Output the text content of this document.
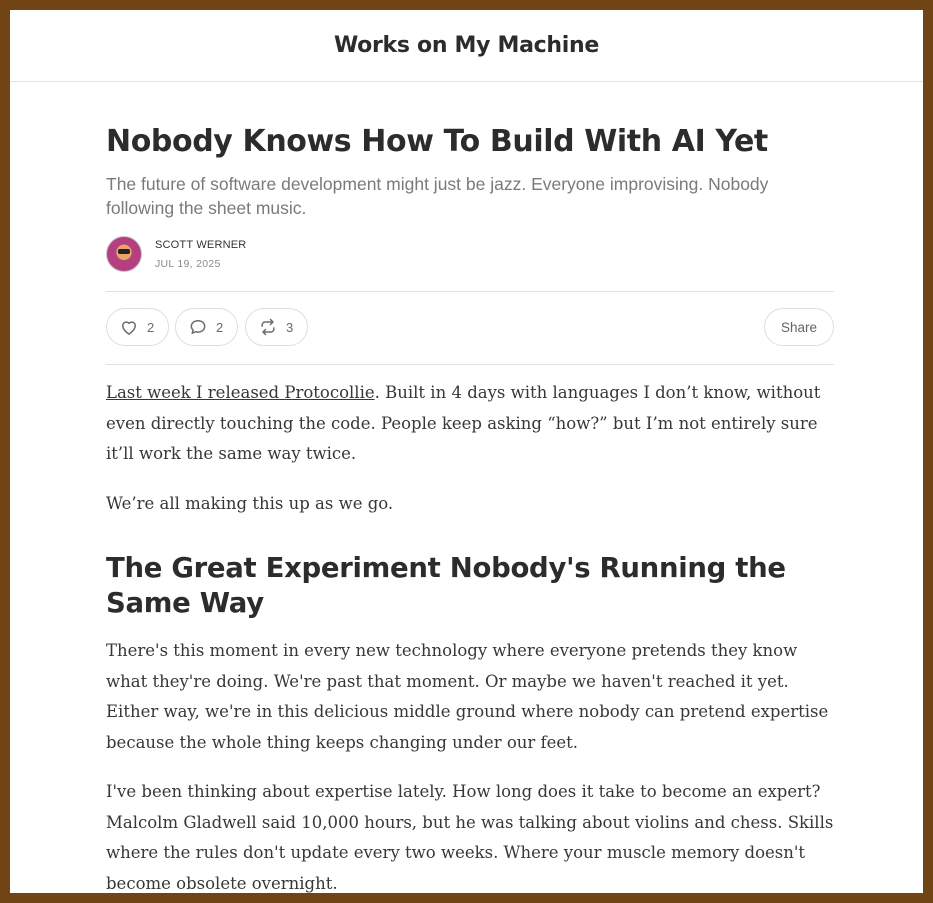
Works on My Machine
Nobody Knows How To Build With AI Yet

The future of software development might just be jazz. Everyone improvising. Nobody following the sheet music.

SCOTT WERNER
JUL 19, 2025
2	2	3	Share

Last week I released Protocollie. Built in 4 days with languages I don’t know, without even directly touching the code. People keep asking “how?” but I’m not entirely sure it’ll work the same way twice.

We’re all making this up as we go.

The Great Experiment Nobody's Running the Same Way

There's this moment in every new technology where everyone pretends they know what they're doing. We're past that moment. Or maybe we haven't reached it yet. Either way, we're in this delicious middle ground where nobody can pretend expertise because the whole thing keeps changing under our feet.

I've been thinking about expertise lately. How long does it take to become an expert? Malcolm Gladwell said 10,000 hours, but he was talking about violins and chess. Skills where the rules don't update every two weeks. Where your muscle memory doesn't become obsolete overnight.
